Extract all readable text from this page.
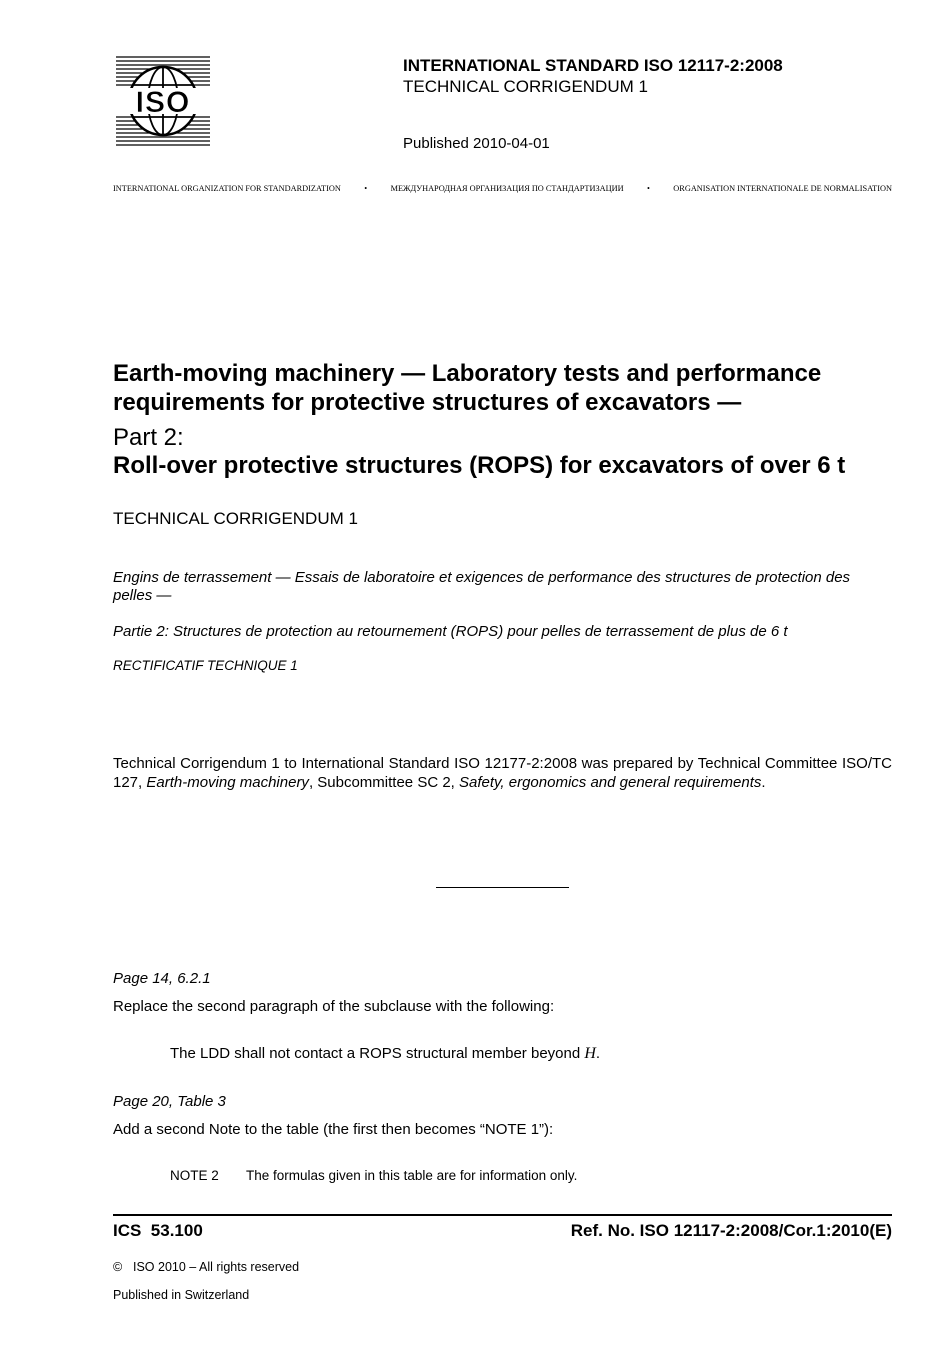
ISO
INTERNATIONAL STANDARD ISO 12117-2:2008
TECHNICAL CORRIGENDUM 1
Published 2010-04-01
INTERNATIONAL ORGANIZATION FOR STANDARDIZATION	•	МЕЖДУНАРОДНАЯ ОРГАНИЗАЦИЯ ПО СТАНДАРТИЗАЦИИ	•	ORGANISATION INTERNATIONALE DE NORMALISATION
Earth-moving machinery — Laboratory tests and performance
requirements for protective structures of excavators —
Part 2:
Roll-over protective structures (ROPS) for excavators of over 6 t
TECHNICAL CORRIGENDUM 1
Engins de terrassement — Essais de laboratoire et exigences de performance des structures de protection des pelles —
Partie 2: Structures de protection au retournement (ROPS) pour pelles de terrassement de plus de 6 t
RECTIFICATIF TECHNIQUE 1
Technical Corrigendum 1 to International Standard ISO 12177-2:2008 was prepared by Technical Committee ISO/TC 127, Earth-moving machinery, Subcommittee SC 2, Safety, ergonomics and general requirements.
Page 14, 6.2.1
Replace the second paragraph of the subclause with the following:
The LDD shall not contact a ROPS structural member beyond H.
Page 20, Table 3
Add a second Note to the table (the first then becomes “NOTE 1”):
NOTE 2 The formulas given in this table are for information only.
ICS  53.100	Ref. No. ISO 12117-2:2008/Cor.1:2010(E)
© ISO 2010 – All rights reserved
Published in Switzerland
